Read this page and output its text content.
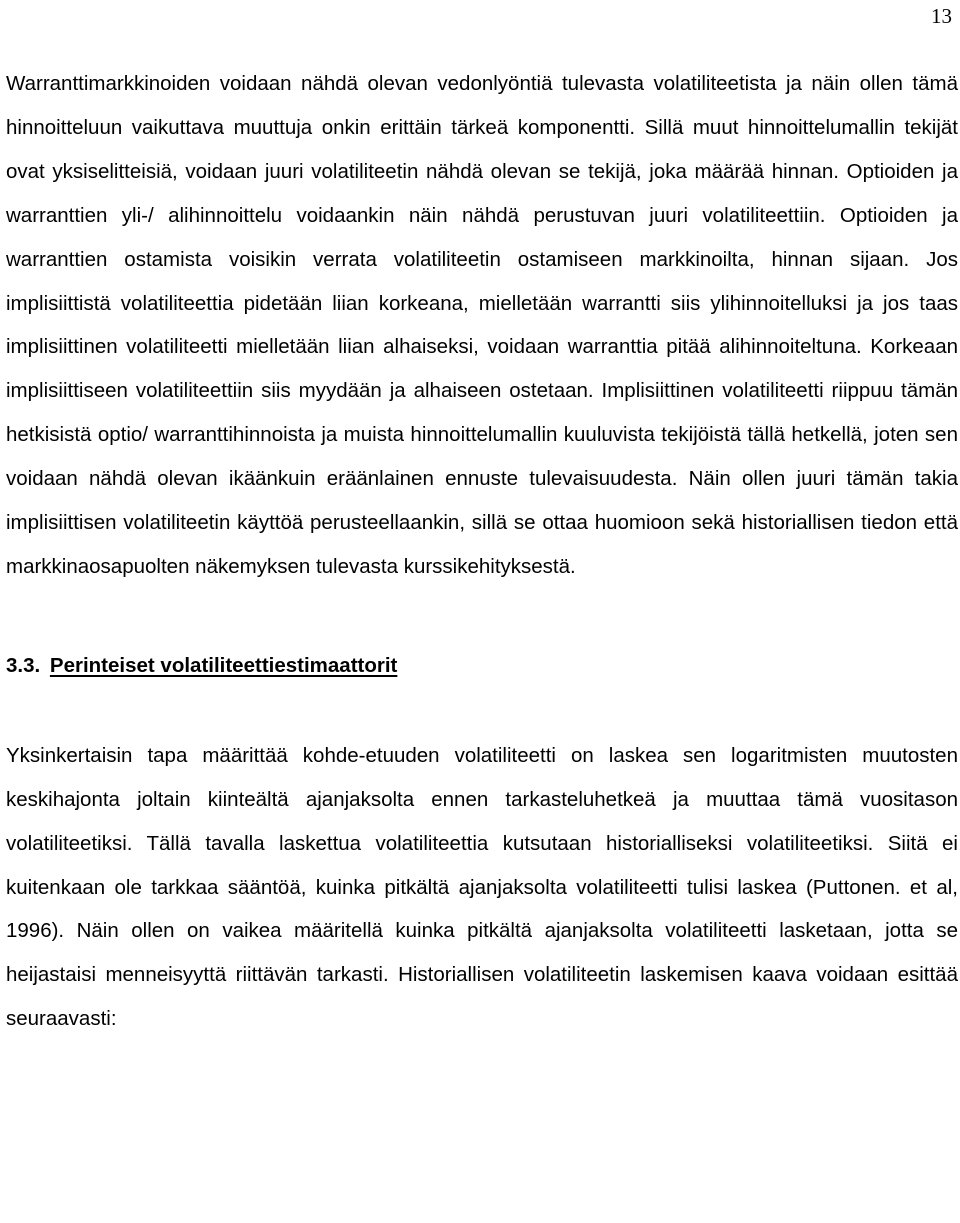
13

Warranttimarkkinoiden voidaan nähdä olevan vedonlyöntiä tulevasta volatiliteetista ja näin ollen tämä hinnoitteluun vaikuttava muuttuja onkin erittäin tärkeä komponentti. Sillä muut hinnoittelumallin tekijät ovat yksiselitteisiä, voidaan juuri volatiliteetin nähdä olevan se tekijä, joka määrää hinnan. Optioiden ja warranttien yli-/ alihinnoittelu voidaankin näin nähdä perustuvan juuri volatiliteettiin. Optioiden ja warranttien ostamista voisikin verrata volatiliteetin ostamiseen markkinoilta, hinnan sijaan. Jos implisiittistä volatiliteettia pidetään liian korkeana, mielletään warrantti siis ylihinnoitelluksi ja jos taas implisiittinen volatiliteetti mielletään liian alhaiseksi, voidaan warranttia pitää alihinnoiteltuna. Korkeaan implisiittiseen volatiliteettiin siis myydään ja alhaiseen ostetaan. Implisiittinen volatiliteetti riippuu tämän hetkisistä optio/ warranttihinnoista ja muista hinnoittelumallin kuuluvista tekijöistä tällä hetkellä, joten sen voidaan nähdä olevan ikäänkuin eräänlainen ennuste tulevaisuudesta. Näin ollen juuri tämän takia implisiittisen volatiliteetin käyttöä perusteellaankin, sillä se ottaa huomioon sekä historiallisen tiedon että markkinaosapuolten näkemyksen tulevasta kurssikehityksestä.

3.3. Perinteiset volatiliteettiestimaattorit

Yksinkertaisin tapa määrittää kohde-etuuden volatiliteetti on laskea sen logaritmisten muutosten keskihajonta joltain kiinteältä ajanjaksolta ennen tarkasteluhetkeä ja muuttaa tämä vuositason volatiliteetiksi. Tällä tavalla laskettua volatiliteettia kutsutaan historialliseksi volatiliteetiksi. Siitä ei kuitenkaan ole tarkkaa sääntöä, kuinka pitkältä ajanjaksolta volatiliteetti tulisi laskea (Puttonen. et al, 1996). Näin ollen on vaikea määritellä kuinka pitkältä ajanjaksolta volatiliteetti lasketaan, jotta se heijastaisi menneisyyttä riittävän tarkasti. Historiallisen volatiliteetin laskemisen kaava voidaan esittää seuraavasti:
